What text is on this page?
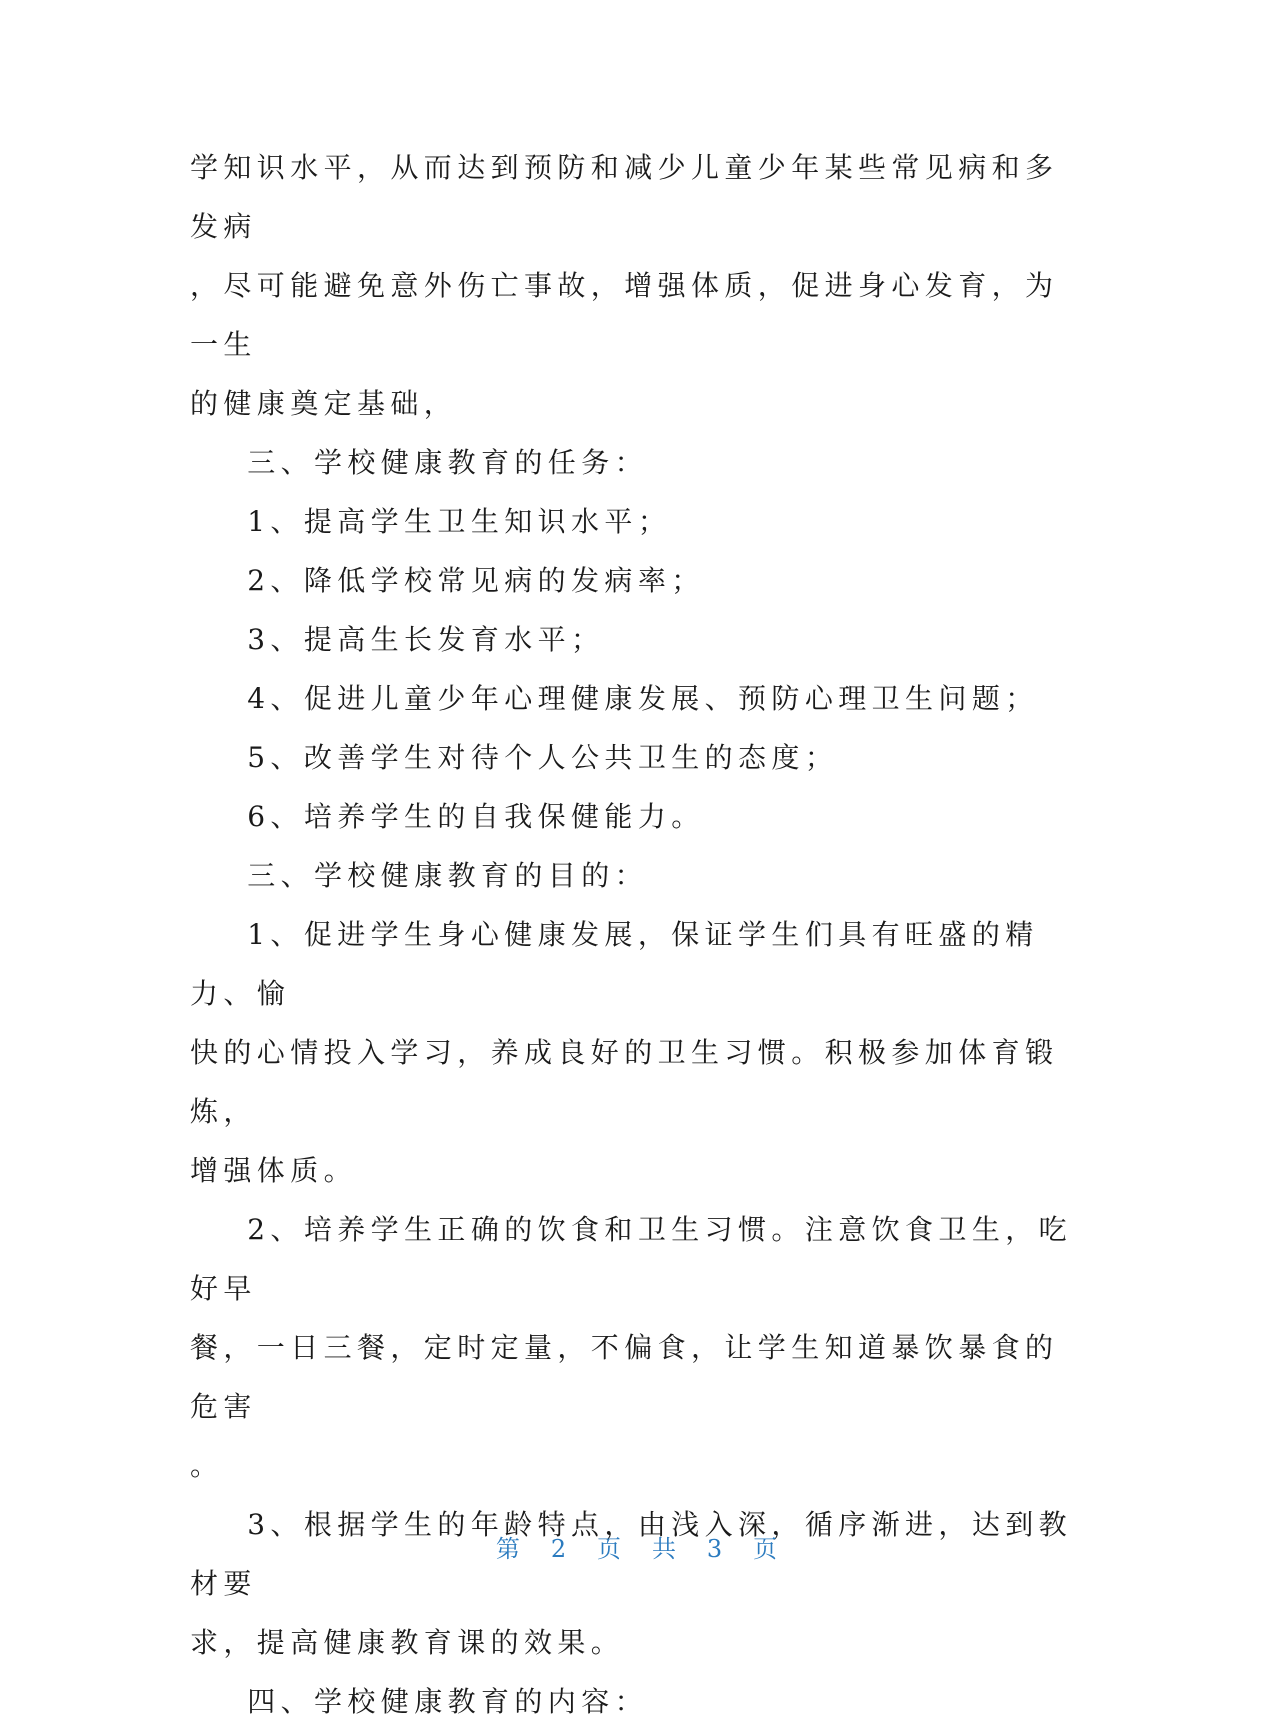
学知识水平，从而达到预防和减少儿童少年某些常见病和多发病

，尽可能避免意外伤亡事故，增强体质，促进身心发育，为一生

的健康奠定基础，

三、学校健康教育的任务：

1、提高学生卫生知识水平；

2、降低学校常见病的发病率；

3、提高生长发育水平；

4、促进儿童少年心理健康发展、预防心理卫生问题；

5、改善学生对待个人公共卫生的态度；

6、培养学生的自我保健能力。

三、学校健康教育的目的：

1、促进学生身心健康发展，保证学生们具有旺盛的精力、愉

快的心情投入学习，养成良好的卫生习惯。积极参加体育锻炼，

增强体质。

2、培养学生正确的饮食和卫生习惯。注意饮食卫生，吃好早

餐，一日三餐，定时定量，不偏食，让学生知道暴饮暴食的危害

。

3、根据学生的年龄特点，由浅入深，循序渐进，达到教材要

求，提高健康教育课的效果。

四、学校健康教育的内容：

第 2 页 共 3 页
